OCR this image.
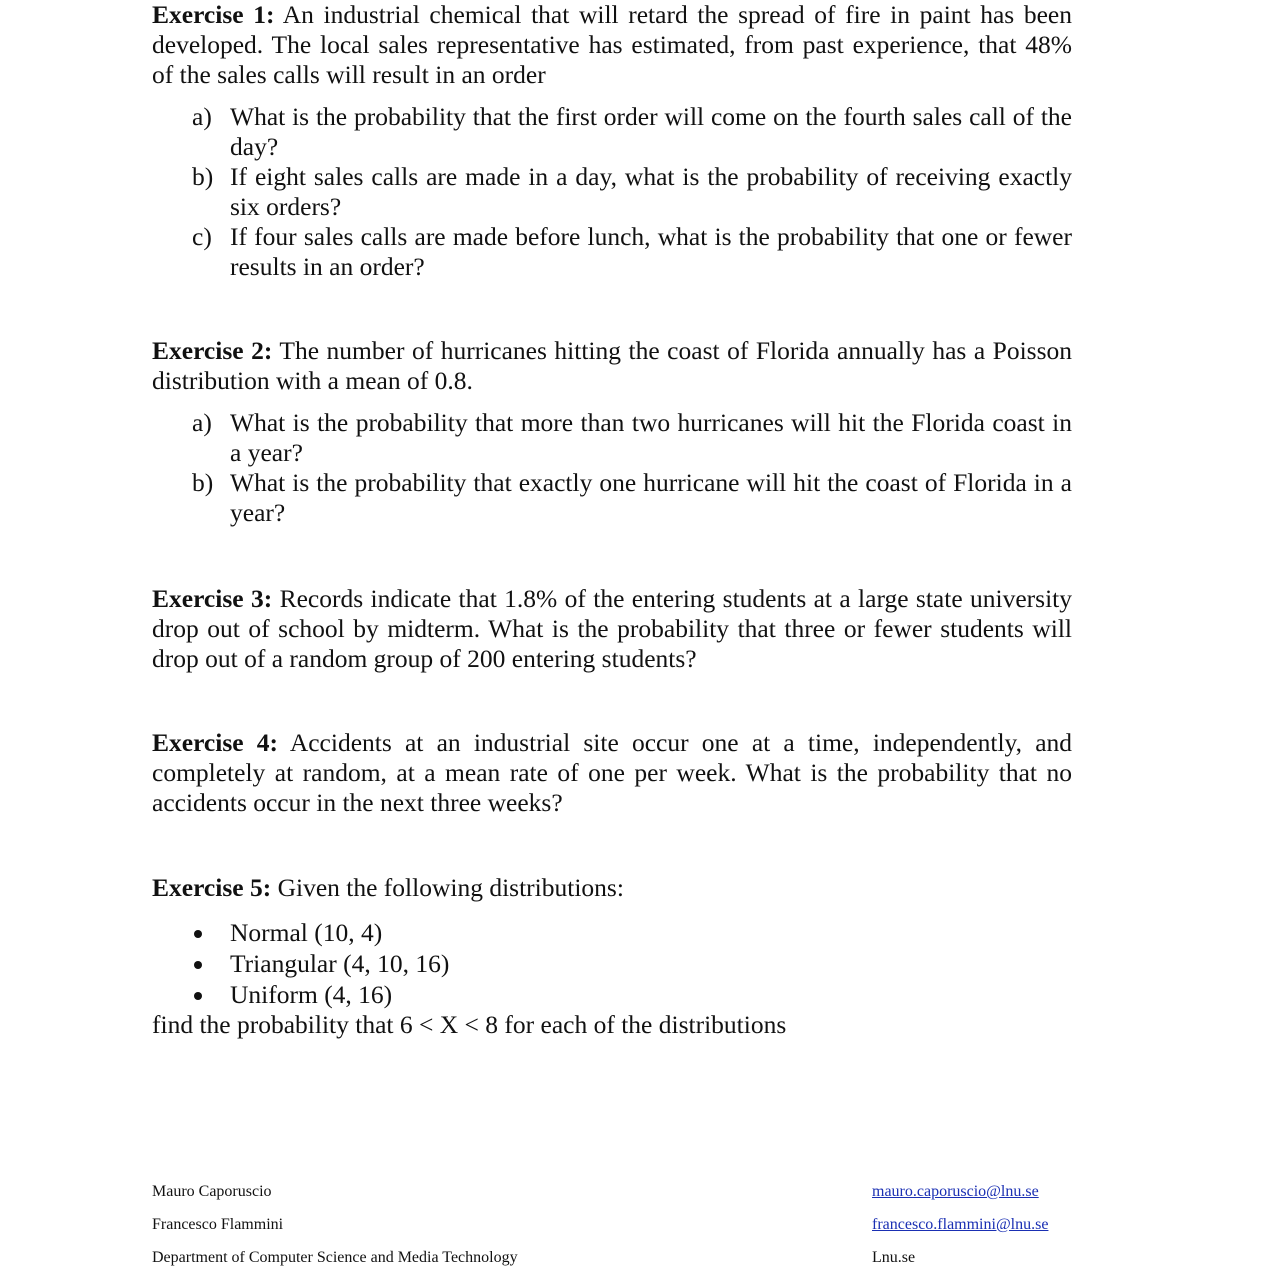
Exercise 1: An industrial chemical that will retard the spread of fire in paint has been developed. The local sales representative has estimated, from past experience, that 48% of the sales calls will result in an order

a) What is the probability that the first order will come on the fourth sales call of the day?
b) If eight sales calls are made in a day, what is the probability of receiving exactly six orders?
c) If four sales calls are made before lunch, what is the probability that one or fewer results in an order?

Exercise 2: The number of hurricanes hitting the coast of Florida annually has a Poisson distribution with a mean of 0.8.

a) What is the probability that more than two hurricanes will hit the Florida coast in a year?
b) What is the probability that exactly one hurricane will hit the coast of Florida in a year?

Exercise 3: Records indicate that 1.8% of the entering students at a large state university drop out of school by midterm. What is the probability that three or fewer students will drop out of a random group of 200 entering students?

Exercise 4: Accidents at an industrial site occur one at a time, independently, and completely at random, at a mean rate of one per week. What is the probability that no accidents occur in the next three weeks?

Exercise 5: Given the following distributions:

Normal (10, 4)
Triangular (4, 10, 16)
Uniform (4, 16)

find the probability that 6 < X < 8 for each of the distributions

Mauro Caporuscio
Francesco Flammini
Department of Computer Science and Media Technology
mauro.caporuscio@lnu.se
francesco.flammini@lnu.se
Lnu.se
